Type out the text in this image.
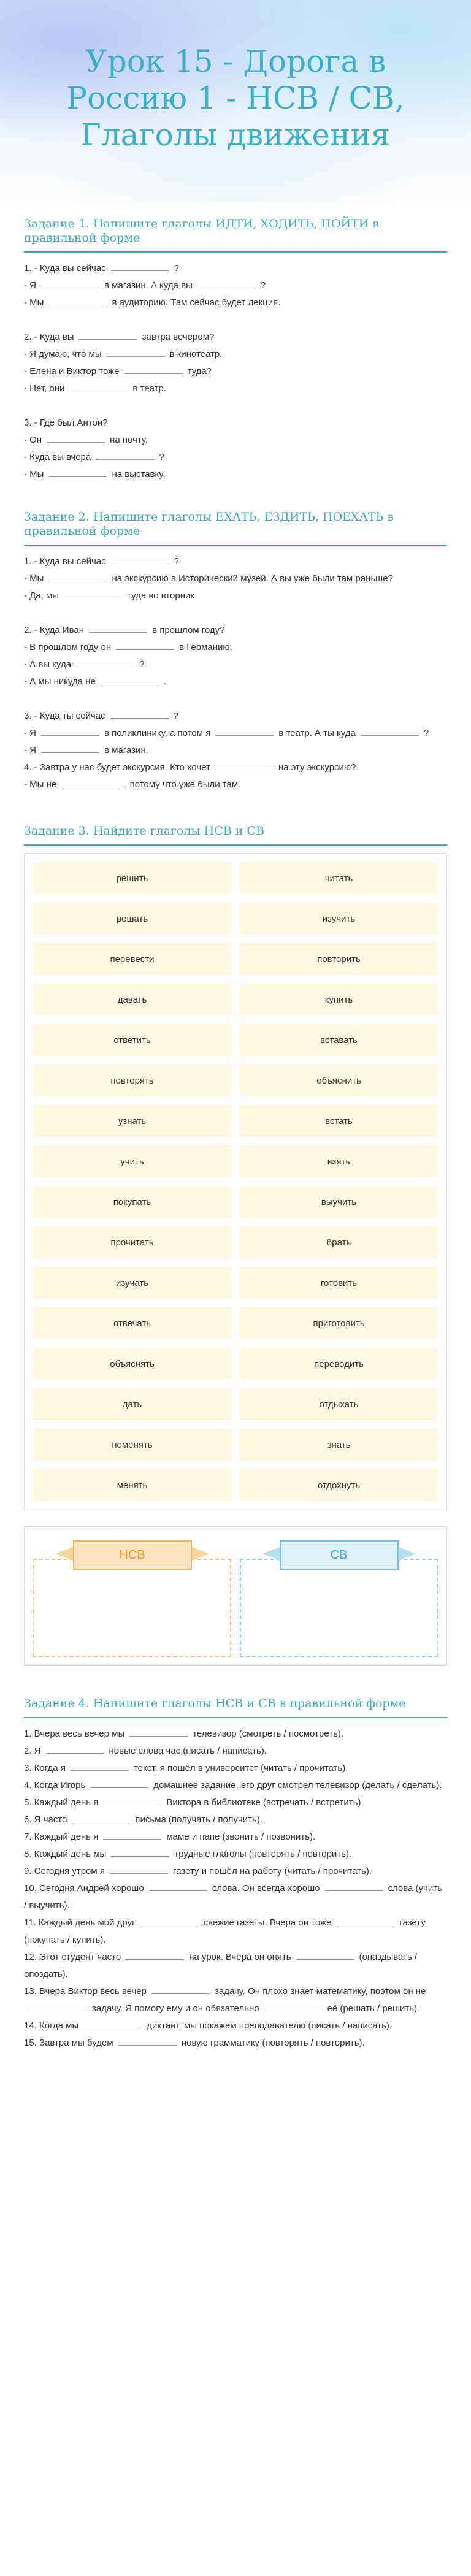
Урок 15 - Дорога в Россию 1 - НСВ / СВ, Глаголы движения
Задание 1. Напишите глаголы ИДТИ, ХОДИТЬ, ПОЙТИ в правильной форме
1. - Куда вы сейчас	?
- Я	в магазин. А куда вы	?
- Мы	в аудиторию. Там сейчас будет лекция.
2. - Куда вы	завтра вечером?
- Я думаю, что мы	в кинотеатр.
- Елена и Виктор тоже	туда?
- Нет, они	в театр.
3. - Где был Антон?
- Он	на почту.
- Куда вы вчера	?
- Мы	на выставку.
Задание 2. Напишите глаголы ЕХАТЬ, ЕЗДИТЬ, ПОЕХАТЬ в правильной форме
1. - Куда вы сейчас	?
- Мы	на экскурсию в Исторический музей. А вы уже были там раньше?
- Да, мы	туда во вторник.
2. - Куда Иван	в прошлом году?
- В прошлом году он	в Германию.
- А вы куда	?
- А мы никуда не	.
3. - Куда ты сейчас	?
- Я	в поликлинику, а потом я	в театр. А ты куда	?
- Я	в магазин.
4. - Завтра у нас будет экскурсия. Кто хочет	на эту экскурсию?
- Мы не	, потому что уже были там.
Задание 3. Найдите глаголы НСВ и СВ
решить	читать
решать	изучить
перевести	повторить
давать	купить
ответить	вставать
повторять	объяснить
узнать	встать
учить	взять
покупать	выучить
прочитать	брать
изучать	готовить
отвечать	приготовить
объяснять	переводить
дать	отдыхать
поменять	знать
менять	отдохнуть
НСВ	СВ
Задание 4. Напишите глаголы НСВ и СВ в правильной форме
1. Вчера весь вечер мы	телевизор (смотреть / посмотреть).
2. Я	новые слова час (писать / написать).
3. Когда я	текст, я пошёл в университет (читать / прочитать).
4. Когда Игорь	домашнее задание, его друг смотрел телевизор (делать / сделать).
5. Каждый день я	Виктора в библиотеке (встречать / встретить).
6. Я часто	письма (получать / получить).
7. Каждый день я	маме и папе (звонить / позвонить).
8. Каждый день мы	трудные глаголы (повторять / повторить).
9. Сегодня утром я	газету и пошёл на работу (читать / прочитать).
10. Сегодня Андрей хорошо	слова. Он всегда хорошо	слова (учить / выучить).
11. Каждый день мой друг	свежие газеты. Вчера он тоже	газету (покупать / купить).
12. Этот студент часто	на урок. Вчера он опять	(опаздывать / опоздать).
13. Вчера Виктор весь вечер	задачу. Он плохо знает математику, поэтом он незадачу. Я помогу ему и он обязательно	её (решать / решить).
14. Когда мы	диктант, мы покажем преподавателю (писать / написать).
15. Завтра мы будем	новую грамматику (повторять / повторить).
